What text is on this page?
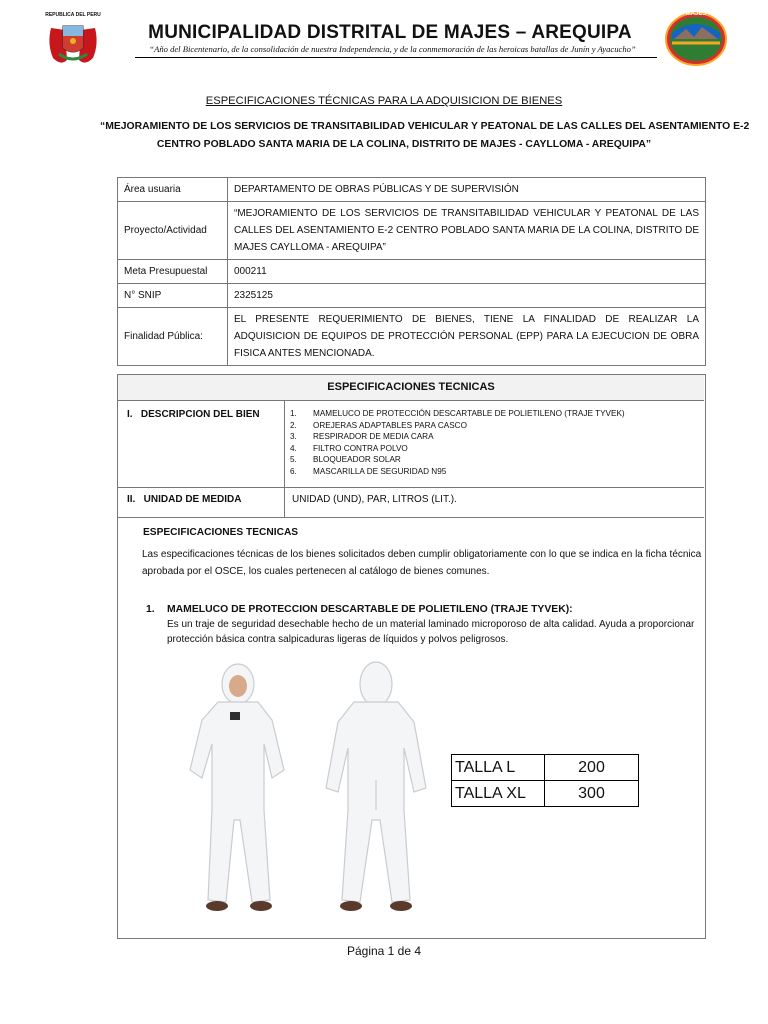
REPUBLICA DEL PERU	MAJES
MUNICIPALIDAD DISTRITAL DE MAJES – AREQUIPA
“Año del Bicentenario, de la consolidación de nuestra Independencia, y de la conmemoración de las heroicas batallas de Junín y Ayacucho”
ESPECIFICACIONES TÉCNICAS PARA LA ADQUISICION DE BIENES
“MEJORAMIENTO DE LOS SERVICIOS DE TRANSITABILIDAD VEHICULAR Y PEATONAL DE LAS CALLES DEL ASENTAMIENTO E-2
CENTRO POBLADO SANTA MARIA DE LA COLINA, DISTRITO DE MAJES - CAYLLOMA - AREQUIPA”
Área usuaria	DEPARTAMENTO DE OBRAS PÚBLICAS Y DE SUPERVISIÓN
Proyecto/Actividad	“MEJORAMIENTO DE LOS SERVICIOS DE TRANSITABILIDAD VEHICULAR Y PEATONAL DE LAS CALLES DEL ASENTAMIENTO E-2 CENTRO POBLADO SANTA MARIA DE LA COLINA, DISTRITO DE MAJES CAYLLOMA - AREQUIPA”
Meta Presupuestal	000211
N° SNIP	2325125
Finalidad Pública:	EL PRESENTE REQUERIMIENTO DE BIENES, TIENE LA FINALIDAD DE REALIZAR LA ADQUISICION DE EQUIPOS DE PROTECCIÓN PERSONAL (EPP) PARA LA EJECUCION DE OBRA FISICA ANTES MENCIONADA.
ESPECIFICACIONES TECNICAS
I.   DESCRIPCION DEL BIEN	1.	MAMELUCO DE PROTECCIÓN DESCARTABLE DE POLIETILENO (TRAJE TYVEK)
2.	OREJERAS ADAPTABLES PARA CASCO
3.	RESPIRADOR DE MEDIA CARA
4.	FILTRO CONTRA POLVO
5.	BLOQUEADOR SOLAR
6.	MASCARILLA DE SEGURIDAD N95
II.   UNIDAD DE MEDIDA	UNIDAD (UND), PAR, LITROS (LIT.).
ESPECIFICACIONES TECNICAS
Las especificaciones técnicas de los bienes solicitados deben cumplir obligatoriamente con lo que se indica en la ficha técnica aprobada por el OSCE, los cuales pertenecen al catálogo de bienes comunes.
1. MAMELUCO DE PROTECCION DESCARTABLE DE POLIETILENO (TRAJE TYVEK):
Es un traje de seguridad desechable hecho de un material laminado microporoso de alta calidad. Ayuda a proporcionar protección básica contra salpicaduras ligeras de líquidos y polvos peligrosos.
TALLA L	200
TALLA XL	300
Página 1 de 4
